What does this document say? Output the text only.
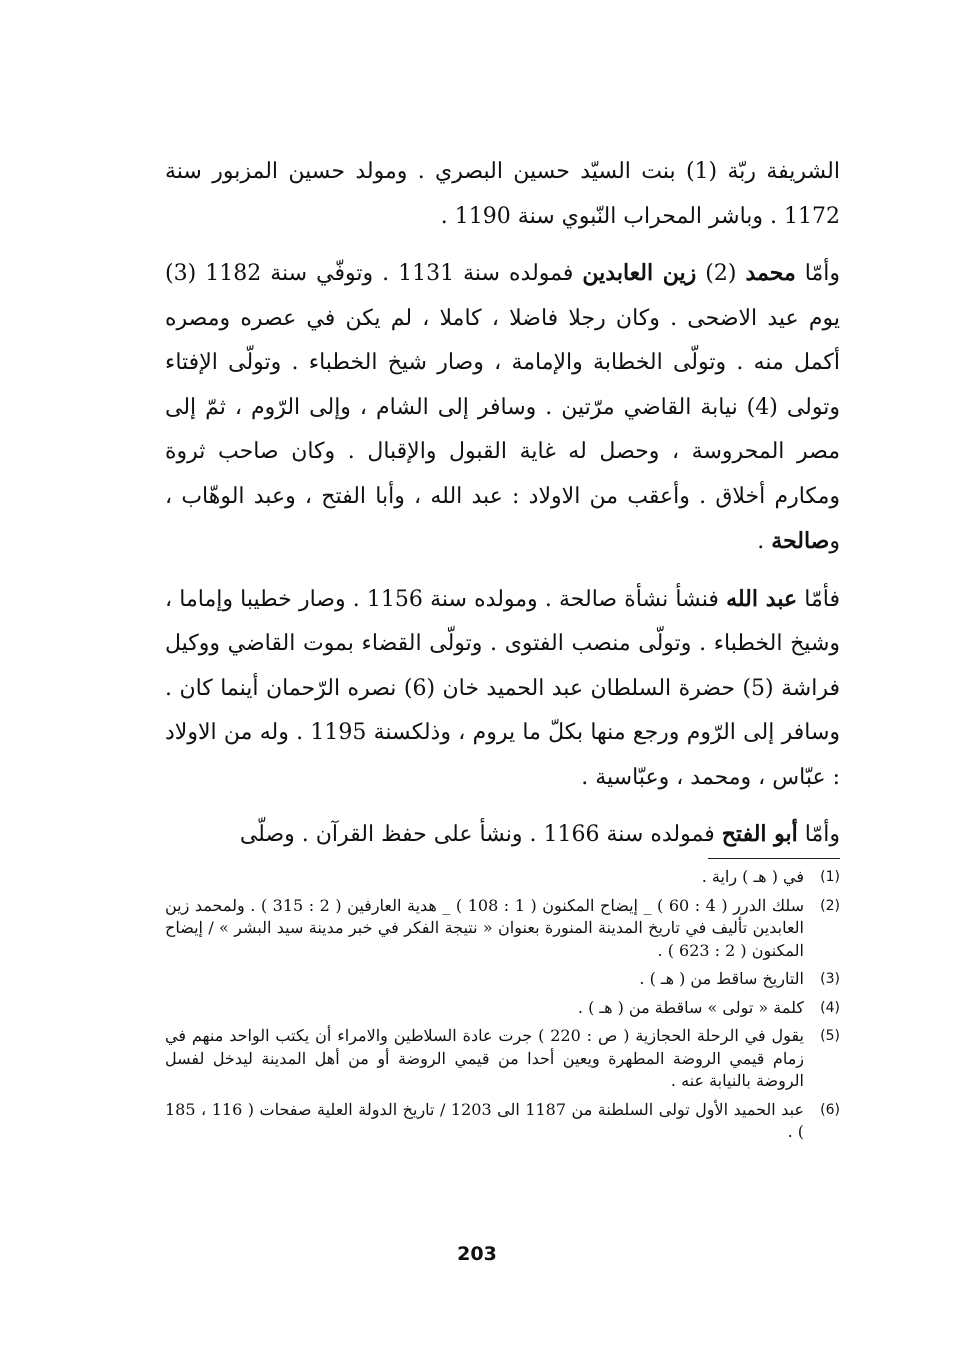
الشريفة ربّة (1) بنت السيّد حسين البصري . ومولد حسين المزبور سنة 1172 . وباشر المحراب النّبوي سنة 1190 .

وأمّا محمد (2) زين العابدين فمولده سنة 1131 . وتوفّي سنة 1182 (3) يوم عيد الاضحى . وكان رجلا فاضلا ، كاملا ، لم يكن في عصره ومصره أكمل منه . وتولّى الخطابة والإمامة ، وصار شيخ الخطباء . وتولّى الإفتاء وتولى (4) نيابة القاضي مرّتين . وسافر إلى الشام ، وإلى الرّوم ، ثمّ إلى مصر المحروسة ، وحصل له غاية القبول والإقبال . وكان صاحب ثروة ومكارم أخلاق . وأعقب من الاولاد : عبد الله ، وأبا الفتح ، وعبد الوهّاب ، وصالحة .

فأمّا عبد الله فنشأ نشأة صالحة . ومولده سنة 1156 . وصار خطيبا وإماما ، وشيخ الخطباء . وتولّى منصب الفتوى . وتولّى القضاء بموت القاضي ووكيل فراشة (5) حضرة السلطان عبد الحميد خان (6) نصره الرّحمان أينما كان . وسافر إلى الرّوم ورجع منها بكلّ ما يروم ، وذلكسنة 1195 . وله من الاولاد : عبّاس ، ومحمد ، وعبّاسية .

وأمّا أبو الفتح فمولده سنة 1166 . ونشأ على حفظ القرآن . وصلّى

(1)
في ( هـ ) راية .
(2)
سلك الدرر ( 4 : 60 ) _ إيضاح المكنون ( 1 : 108 ) _ هدية العارفين ( 2 : 315 ) . ولمحمد زين العابدين تأليف في تاريخ المدينة المنورة بعنوان « نتيجة الفكر في خبر مدينة سيد البشر » / إيضاح المكنون ( 2 : 623 ) .
(3)
التاريخ ساقط من ( هـ ) .
(4)
كلمة « تولى » ساقطة من ( هـ ) .
(5)
يقول في الرحلة الحجازية ( ص : 220 ) جرت عادة السلاطين والامراء أن يكتب الواحد منهم في زمام قيمي الروضة المطهرة ويعين أحدا من قيمي الروضة أو من أهل المدينة ليدخل لفسل الروضة بالنيابة عنه .
(6)
عبد الحميد الأول تولى السلطنة من 1187 الى 1203 / تاريخ الدولة العلية صفحات ( 116 ، 185 ) .
203
